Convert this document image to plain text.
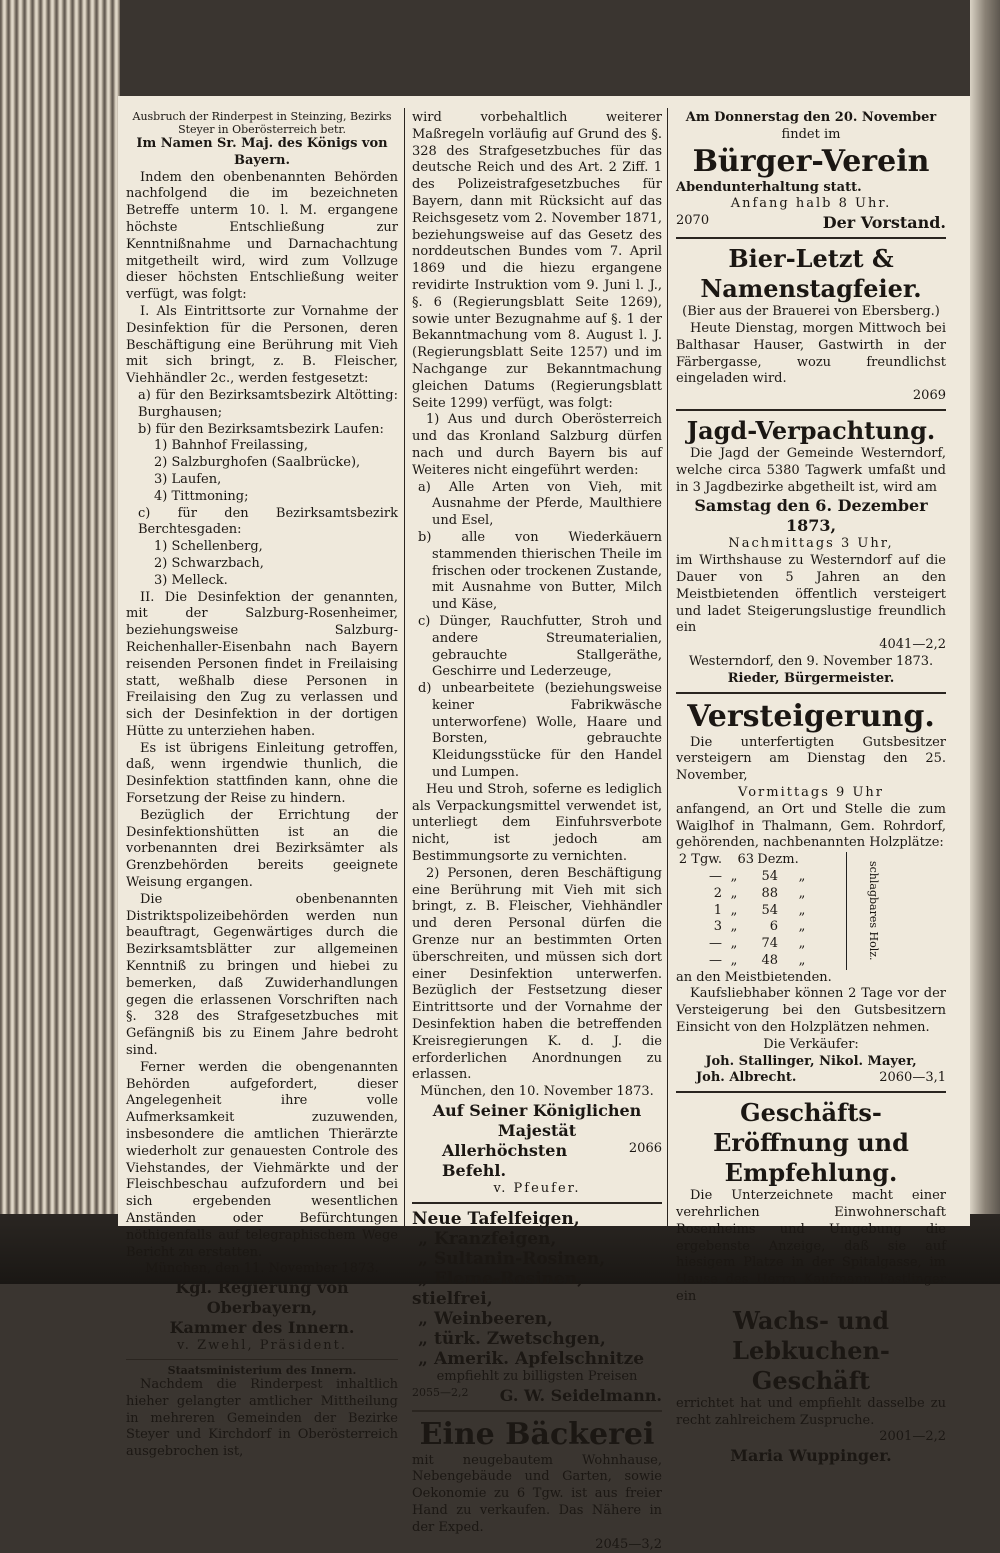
Ausbruch der Rinderpest in Steinzing, Bezirks Steyer in Oberösterreich betr.

Im Namen Sr. Maj. des Königs von Bayern.

Indem den obenbenannten Behörden nachfolgend die im bezeichneten Betreffe unterm 10. l. M. ergangene höchste Entschließung zur Kenntnißnahme und Darnachachtung mitgetheilt wird, wird zum Vollzuge dieser höchsten Entschließung weiter verfügt, was folgt:

I. Als Eintrittsorte zur Vornahme der Desinfektion für die Personen, deren Beschäftigung eine Berührung mit Vieh mit sich bringt, z. B. Fleischer, Viehhändler 2c., werden festgesetzt:

a) für den Bezirksamtsbezirk Altötting: Burghausen;

b) für den Bezirksamtsbezirk Laufen:

1) Bahnhof Freilassing,

2) Salzburghofen (Saalbrücke),

3) Laufen,

4) Tittmoning;

c) für den Bezirksamtsbezirk Berchtesgaden:

1) Schellenberg,

2) Schwarzbach,

3) Melleck.

II. Die Desinfektion der genannten, mit der Salzburg-Rosenheimer, beziehungsweise Salzburg-Reichenhaller-Eisenbahn nach Bayern reisenden Personen findet in Freilaising statt, weßhalb diese Personen in Freilaising den Zug zu verlassen und sich der Desinfektion in der dortigen Hütte zu unterziehen haben.

Es ist übrigens Einleitung getroffen, daß, wenn irgendwie thunlich, die Desinfektion stattfinden kann, ohne die Forsetzung der Reise zu hindern.

Bezüglich der Errichtung der Desinfektionshütten ist an die vorbenannten drei Bezirksämter als Grenzbehörden bereits geeignete Weisung ergangen.

Die obenbenannten Distriktspolizeibehörden werden nun beauftragt, Gegenwärtiges durch die Bezirksamtsblätter zur allgemeinen Kenntniß zu bringen und hiebei zu bemerken, daß Zuwiderhandlungen gegen die erlassenen Vorschriften nach §. 328 des Strafgesetzbuches mit Gefängniß bis zu Einem Jahre bedroht sind.

Ferner werden die obengenannten Behörden aufgefordert, dieser Angelegenheit ihre volle Aufmerksamkeit zuzuwenden, insbesondere die amtlichen Thierärzte wiederholt zur genauesten Controle des Viehstandes, der Viehmärkte und der Fleischbeschau aufzufordern und bei sich ergebenden wesentlichen Anständen oder Befürchtungen nöthigenfalls auf telegraphischem Wege Bericht zu erstatten.

München, den 11. November 1873.

Kgl. Regierung von Oberbayern,

Kammer des Innern.

v. Zwehl, Präsident.

Staatsministerium des Innern.

Nachdem die Rinderpest inhaltlich hieher gelangter amtlicher Mittheilung in mehreren Gemeinden der Bezirke Steyer und Kirchdorf in Oberösterreich ausgebrochen ist,

wird vorbehaltlich weiterer Maßregeln vorläufig auf Grund des §. 328 des Strafgesetzbuches für das deutsche Reich und des Art. 2 Ziff. 1 des Polizeistrafgesetzbuches für Bayern, dann mit Rücksicht auf das Reichsgesetz vom 2. November 1871, beziehungsweise auf das Gesetz des norddeutschen Bundes vom 7. April 1869 und die hiezu ergangene revidirte Instruktion vom 9. Juni l. J., §. 6 (Regierungsblatt Seite 1269), sowie unter Bezugnahme auf §. 1 der Bekanntmachung vom 8. August l. J. (Regierungsblatt Seite 1257) und im Nachgange zur Bekanntmachung gleichen Datums (Regierungsblatt Seite 1299) verfügt, was folgt:

1) Aus und durch Oberösterreich und das Kronland Salzburg dürfen nach und durch Bayern bis auf Weiteres nicht eingeführt werden:

a) Alle Arten von Vieh, mit Ausnahme der Pferde, Maulthiere und Esel,

b) alle von Wiederkäuern stammenden thierischen Theile im frischen oder trockenen Zustande, mit Ausnahme von Butter, Milch und Käse,

c) Dünger, Rauchfutter, Stroh und andere Streumaterialien, gebrauchte Stallgeräthe, Geschirre und Lederzeuge,

d) unbearbeitete (beziehungsweise keiner Fabrikwäsche unterworfene) Wolle, Haare und Borsten, gebrauchte Kleidungsstücke für den Handel und Lumpen.

Heu und Stroh, soferne es lediglich als Verpackungsmittel verwendet ist, unterliegt dem Einfuhrsverbote nicht, ist jedoch am Bestimmungsorte zu vernichten.

2) Personen, deren Beschäftigung eine Berührung mit Vieh mit sich bringt, z. B. Fleischer, Viehhändler und deren Personal dürfen die Grenze nur an bestimmten Orten überschreiten, und müssen sich dort einer Desinfektion unterwerfen. Bezüglich der Festsetzung dieser Eintrittsorte und der Vornahme der Desinfektion haben die betreffenden Kreisregierungen K. d. J. die erforderlichen Anordnungen zu erlassen.

München, den 10. November 1873.

Auf Seiner Königlichen Majestät

Allerhöchsten Befehl.
2066

v. Pfeufer.

Neue Tafelfeigen,
„ Kranzfeigen,
„ Sultanin-Rosinen,
„ Eleme-Rosinen, stielfrei,
„ Weinbeeren,
„ türk. Zwetschgen,
„ Amerik. Apfelschnitze

empfiehlt zu billigsten Preisen

2055—2,2 G. W. Seidelmann.

Eine Bäckerei

mit neugebautem Wohnhause, Nebengebäude und Garten, sowie Oekonomie zu 6 Tgw. ist aus freier Hand zu verkaufen. Das Nähere in der Exped.

2045—3,2

Am Donnerstag den 20. November

findet im

Bürger-Verein

Abendunterhaltung statt.

Anfang halb 8 Uhr.

2070	Der Vorstand.

Bier-Letzt & Namenstagfeier.

(Bier aus der Brauerei von Ebersberg.)

Heute Dienstag, morgen Mittwoch bei Balthasar Hauser, Gastwirth in der Färbergasse, wozu freundlichst eingeladen wird.

2069

Jagd-Verpachtung.

Die Jagd der Gemeinde Westerndorf, welche circa 5380 Tagwerk umfaßt und in 3 Jagdbezirke abgetheilt ist, wird am

Samstag den 6. Dezember 1873,

Nachmittags 3 Uhr,

im Wirthshause zu Westerndorf auf die Dauer von 5 Jahren an den Meistbietenden öffentlich versteigert und ladet Steigerungslustige freundlich ein

4041—2,2

Westerndorf, den 9. November 1873.

Rieder, Bürgermeister.

Versteigerung.

Die unterfertigten Gutsbesitzer versteigern am Dienstag den 25. November,

Vormittags 9 Uhr

anfangend, an Ort und Stelle die zum Waiglhof in Thalmann, Gem. Rohrdorf, gehörenden, nachbenannten Holzplätze:

2 Tgw.	63 Dezm.
— „	54	„
2 „	88	„
1 „	54	„
3 „	6	„
— „	74	„
— „	48	„	schlagbares Holz.

an den Meistbietenden.

Kaufsliebhaber können 2 Tage vor der Versteigerung bei den Gutsbesitzern Einsicht von den Holzplätzen nehmen.

Die Verkäufer:

Joh. Stallinger, Nikol. Mayer,

Joh. Albrecht.	2060—3,1

Geschäfts-Eröffnung und Empfehlung.

Die Unterzeichnete macht einer verehrlichen Einwohnerschaft Rosenheims und Umgebung die ergebenste Anzeige, daß sie auf hiesigem Platze in der Spitalgasse, im Hause des Herrn Kaufmann Fastlinger ein

Wachs- und Lebkuchen-Geschäft

errichtet hat und empfiehlt dasselbe zu recht zahlreichem Zuspruche.

2001—2,2

Maria Wuppinger.
